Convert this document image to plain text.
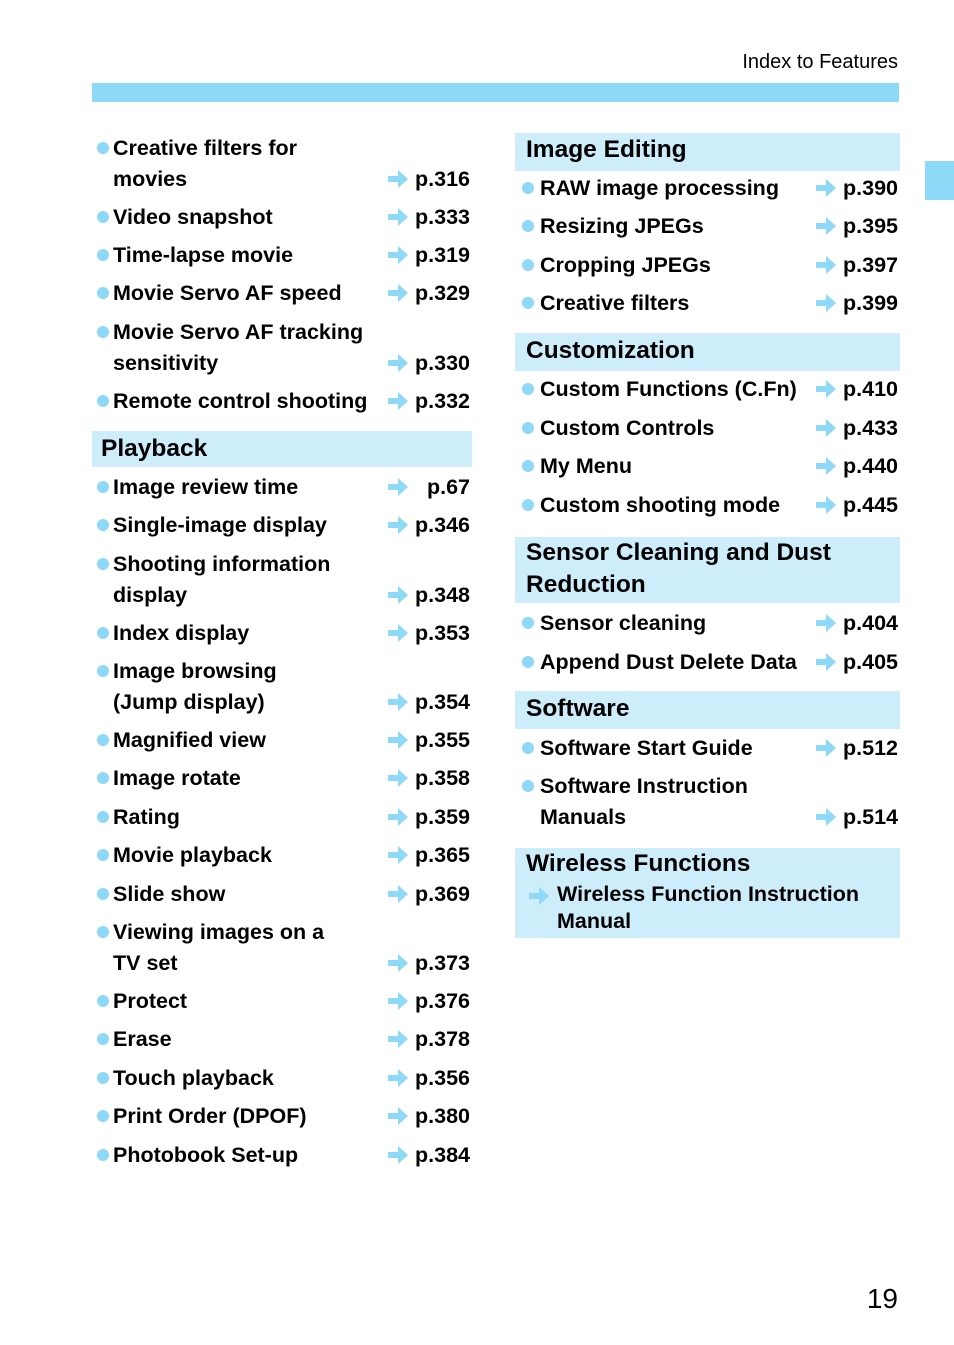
Index to Features
Creative filters for
movies	p.316
Video snapshot	p.333
Time-lapse movie	p.319
Movie Servo AF speed	p.329
Movie Servo AF tracking
sensitivity	p.330
Remote control shooting p.332
Playback
Image review time	p.67
Single-image display	p.346
Shooting information
display	p.348
Index display	p.353
Image browsing
(Jump display)	p.354
Magnified view	p.355
Image rotate	p.358
Rating	p.359
Movie playback	p.365
Slide show	p.369
Viewing images on a
TV set	p.373
Protect	p.376
Erase	p.378
Touch playback	p.356
Print Order (DPOF)	p.380
Photobook Set-up	p.384
Image Editing
RAW image processing	p.390
Resizing JPEGs	p.395
Cropping JPEGs	p.397
Creative filters	p.399
Customization
Custom Functions (C.Fn) p.410
Custom Controls	p.433
My Menu	p.440
Custom shooting mode	p.445
Sensor Cleaning and Dust
Reduction
Sensor cleaning	p.404
Append Dust Delete Data p.405
Software
Software Start Guide	p.512
Software Instruction
Manuals	p.514
Wireless Functions
Wireless Function Instruction
Manual
19
